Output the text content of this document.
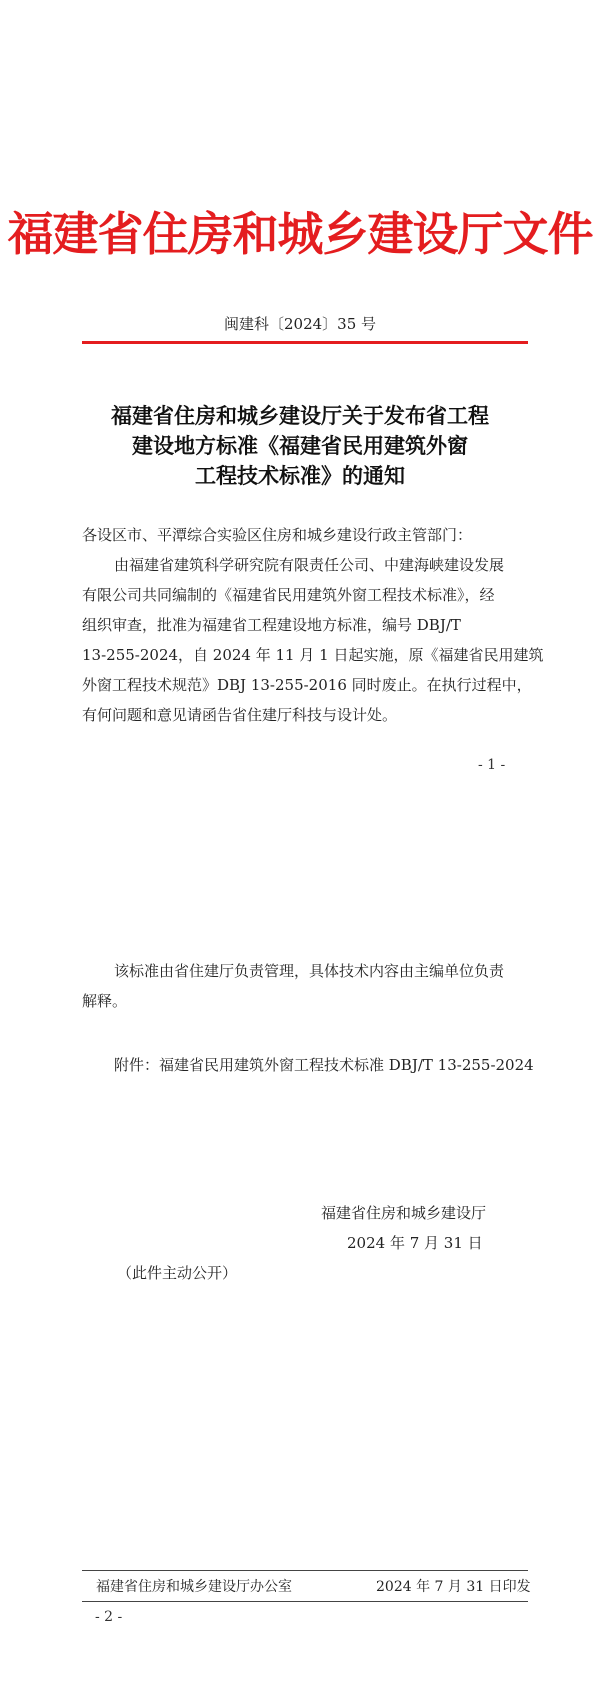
福建省住房和城乡建设厅文件
闽建科〔2024〕35 号
福建省住房和城乡建设厅关于发布省工程
建设地方标准《福建省民用建筑外窗
工程技术标准》的通知
各设区市、平潭综合实验区住房和城乡建设行政主管部门：
由福建省建筑科学研究院有限责任公司、中建海峡建设发展
有限公司共同编制的《福建省民用建筑外窗工程技术标准》，经
组织审查，批准为福建省工程建设地方标准，编号 DBJ/T
13-255-2024，自 2024 年 11 月 1 日起实施，原《福建省民用建筑
外窗工程技术规范》DBJ 13-255-2016 同时废止。在执行过程中，
有何问题和意见请函告省住建厅科技与设计处。
- 1 -
该标准由省住建厅负责管理，具体技术内容由主编单位负责
解释。
附件：福建省民用建筑外窗工程技术标准 DBJ/T 13-255-2024
福建省住房和城乡建设厅
2024 年 7 月 31 日
（此件主动公开）
福建省住房和城乡建设厅办公室	2024 年 7 月 31 日印发
- 2 -
